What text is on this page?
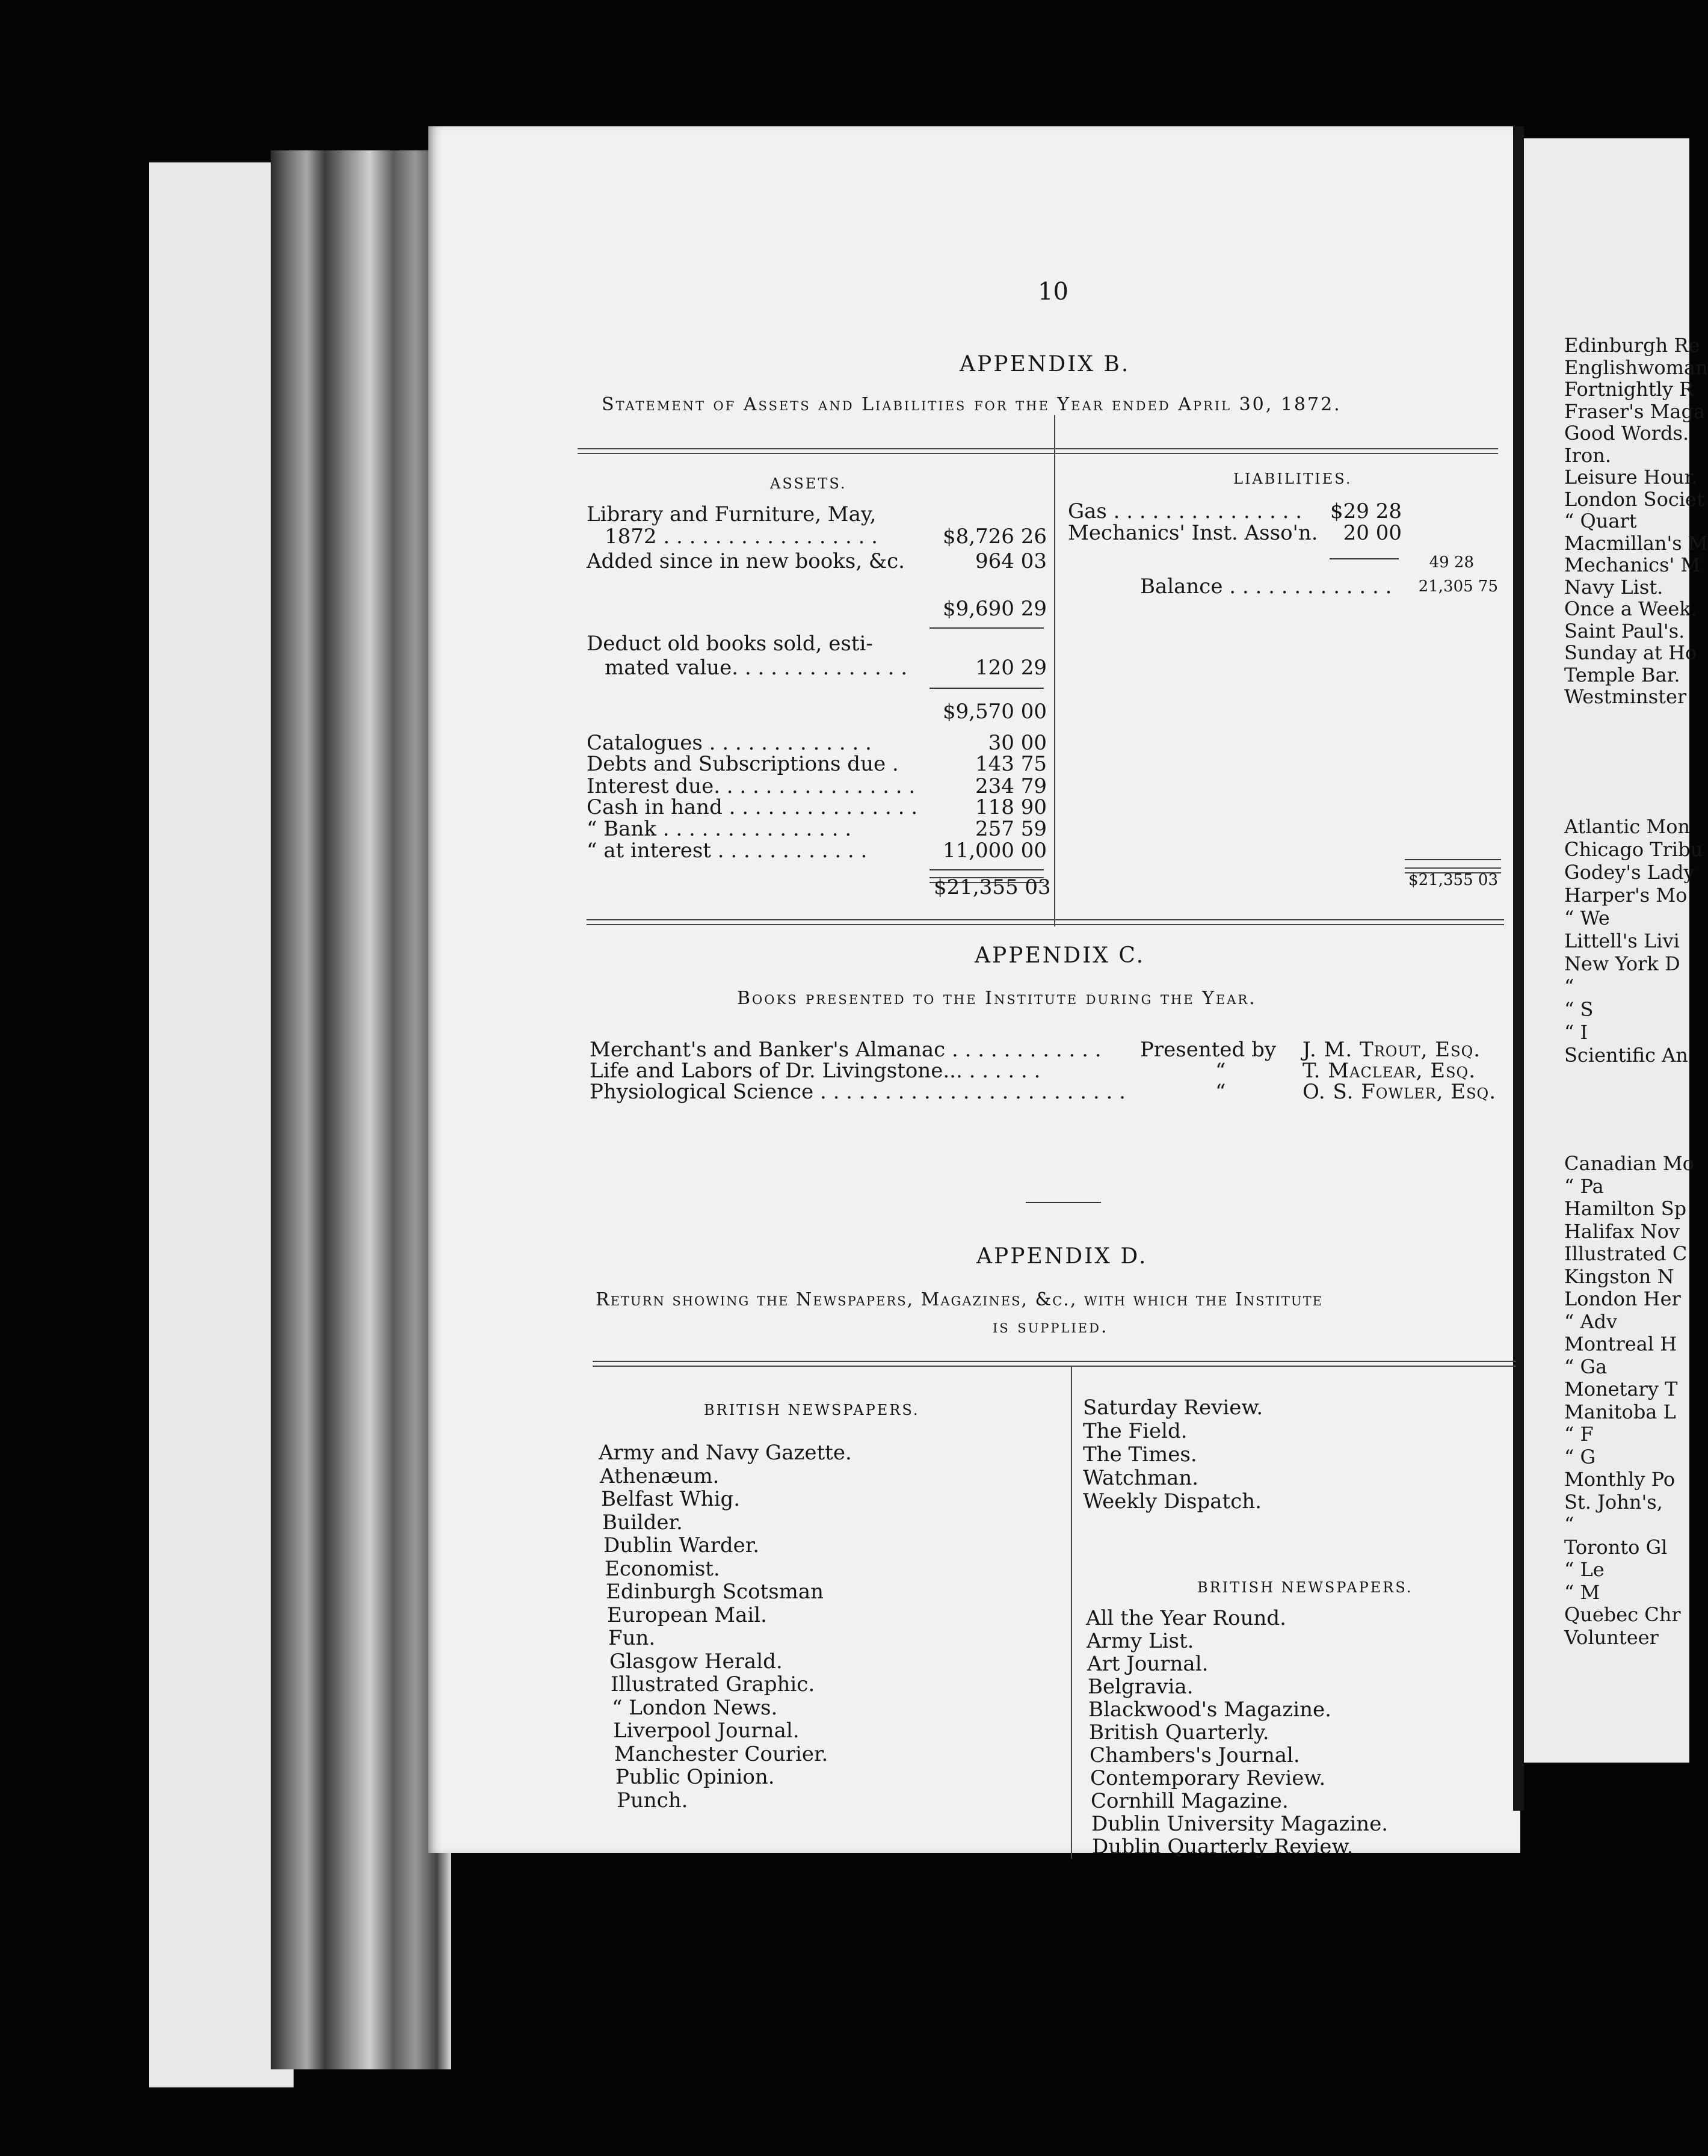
10
APPENDIX B.
Statement of Assets and Liabilities for the Year ended April 30, 1872.
ASSETS.	LIABILITIES.
Library and Furniture, May,
1872 . . . . . . . . . . . . . . . . .	$8,726 26
Added since in new books, &c.	964 03
$9,690 29
Deduct old books sold, esti-
mated value. . . . . . . . . . . . . .	120 29
$9,570 00
Catalogues . . . . . . . . . . . . .	30 00
Debts and Subscriptions due .	143 75
Interest due. . . . . . . . . . . . . . . .	234 79
Cash in hand . . . . . . . . . . . . . . .	118 90
“ Bank . . . . . . . . . . . . . . .	257 59
“ at interest . . . . . . . . . . . .	11,000 00
$21,355 03
Gas . . . . . . . . . . . . . . .	$29 28
Mechanics' Inst. Asso'n.	20 00
49 28
Balance . . . . . . . . . . . . .	21,305 75
$21,355 03
APPENDIX C.
Books presented to the Institute during the Year.
Merchant's and Banker's Almanac . . . . . . . . . . . . Presented by J. M. Trout, Esq.
Life and Labors of Dr. Livingstone... . . . . . .	“	T. Maclear, Esq.
Physiological Science . . . . . . . . . . . . . . . . . . . . . . . .	“	O. S. Fowler, Esq.
APPENDIX D.
Return showing the Newspapers, Magazines, &c., with which the Institute
is supplied.
BRITISH NEWSPAPERS.
Army and Navy Gazette.
Athenæum.
Belfast Whig.
Builder.
Dublin Warder.
Economist.
Edinburgh Scotsman
European Mail.
Fun.
Glasgow Herald.
Illustrated Graphic.
“ London News.
Liverpool Journal.
Manchester Courier.
Public Opinion.
Punch.
Saturday Review.
The Field.
The Times.
Watchman.
Weekly Dispatch.
BRITISH NEWSPAPERS.
All the Year Round.
Army List.
Art Journal.
Belgravia.
Blackwood's Magazine.
British Quarterly.
Chambers's Journal.
Contemporary Review.
Cornhill Magazine.
Dublin University Magazine.
Dublin Quarterly Review.
Edinburgh Re
Englishwoman
Fortnightly R
Fraser's Maga
Good Words.
Iron.
Leisure Hour.
London Societ
“ Quart
Macmillan's M
Mechanics' M
Navy List.
Once a Week.
Saint Paul's.
Sunday at Ho
Temple Bar.
Westminster
Atlantic Mon
Chicago Tribu
Godey's Lady
Harper's Mo
“ We
Littell's Livi
New York D
“
“ S
“ I
Scientific An
Canadian Mo
“ Pa
Hamilton Sp
Halifax Nov
Illustrated C
Kingston N
London Her
“ Adv
Montreal H
“ Ga
Monetary T
Manitoba L
“ F
“ G
Monthly Po
St. John's,
“
Toronto Gl
“ Le
“ M
Quebec Chr
Volunteer
